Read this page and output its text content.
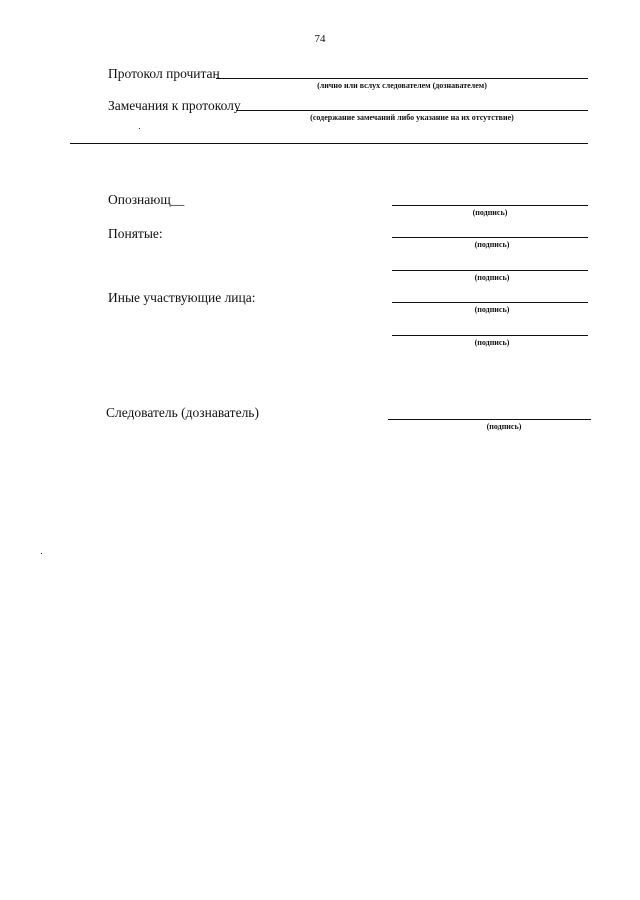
74
Протокол прочитан
(лично или вслух следователем (дознавателем)
Замечания к протоколу
(содержание замечаний либо указание на их отсутствие)
Опознающ__
(подпись)
Понятые:
(подпись)
(подпись)
Иные участвующие лица:
(подпись)
(подпись)
Следователь (дознаватель)
(подпись)
